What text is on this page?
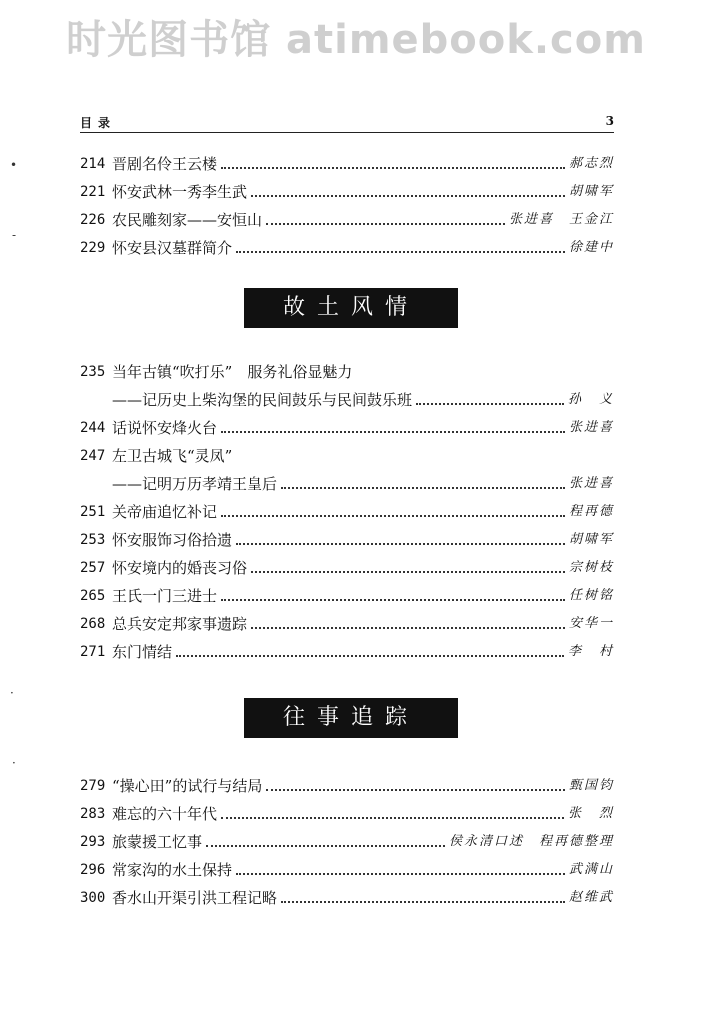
时光图书馆 atimebook.com
目录	3
214 晋剧名伶王云楼	郝志烈
221 怀安武林一秀李生武	胡啸军
226 农民雕刻家——安恒山	张进喜　王金江
229 怀安县汉墓群简介	徐建中
故土风情
235 当年古镇“吹打乐”　服务礼俗显魅力
——记历史上柴沟堡的民间鼓乐与民间鼓乐班	孙义
244 话说怀安烽火台	张进喜
247 左卫古城飞“灵凤”
——记明万历孝靖王皇后	张进喜
251 关帝庙追忆补记	程再德
253 怀安服饰习俗拾遗	胡啸军
257 怀安境内的婚丧习俗	宗树枝
265 王氏一门三进士	任树铭
268 总兵安定邦家事遗踪	安华一
271 东门情结	李村
往事追踪
279 “操心田”的试行与结局	甄国钧
283 难忘的六十年代	张烈
293 旅蒙援工忆事	侯永清口述　程再德整理
296 常家沟的水土保持	武满山
300 香水山开渠引洪工程记略	赵维武
•
-
·
·
